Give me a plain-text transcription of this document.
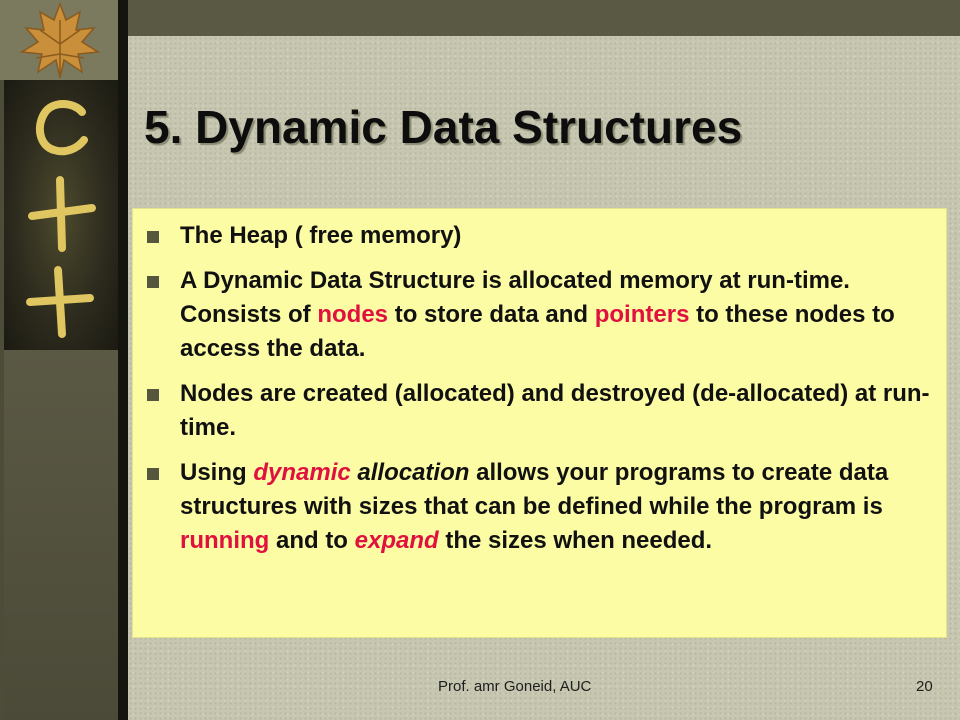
5. Dynamic Data Structures
The Heap ( free memory)
A Dynamic Data Structure is allocated memory at run-time. Consists of nodes to store data and pointers to these nodes to access the data.
Nodes are created (allocated) and destroyed (de-allocated) at run-time.
Using dynamic allocation allows your programs to create data structures with sizes that can be defined while the program is running and to expand the sizes when needed.
Prof. amr Goneid, AUC	20
